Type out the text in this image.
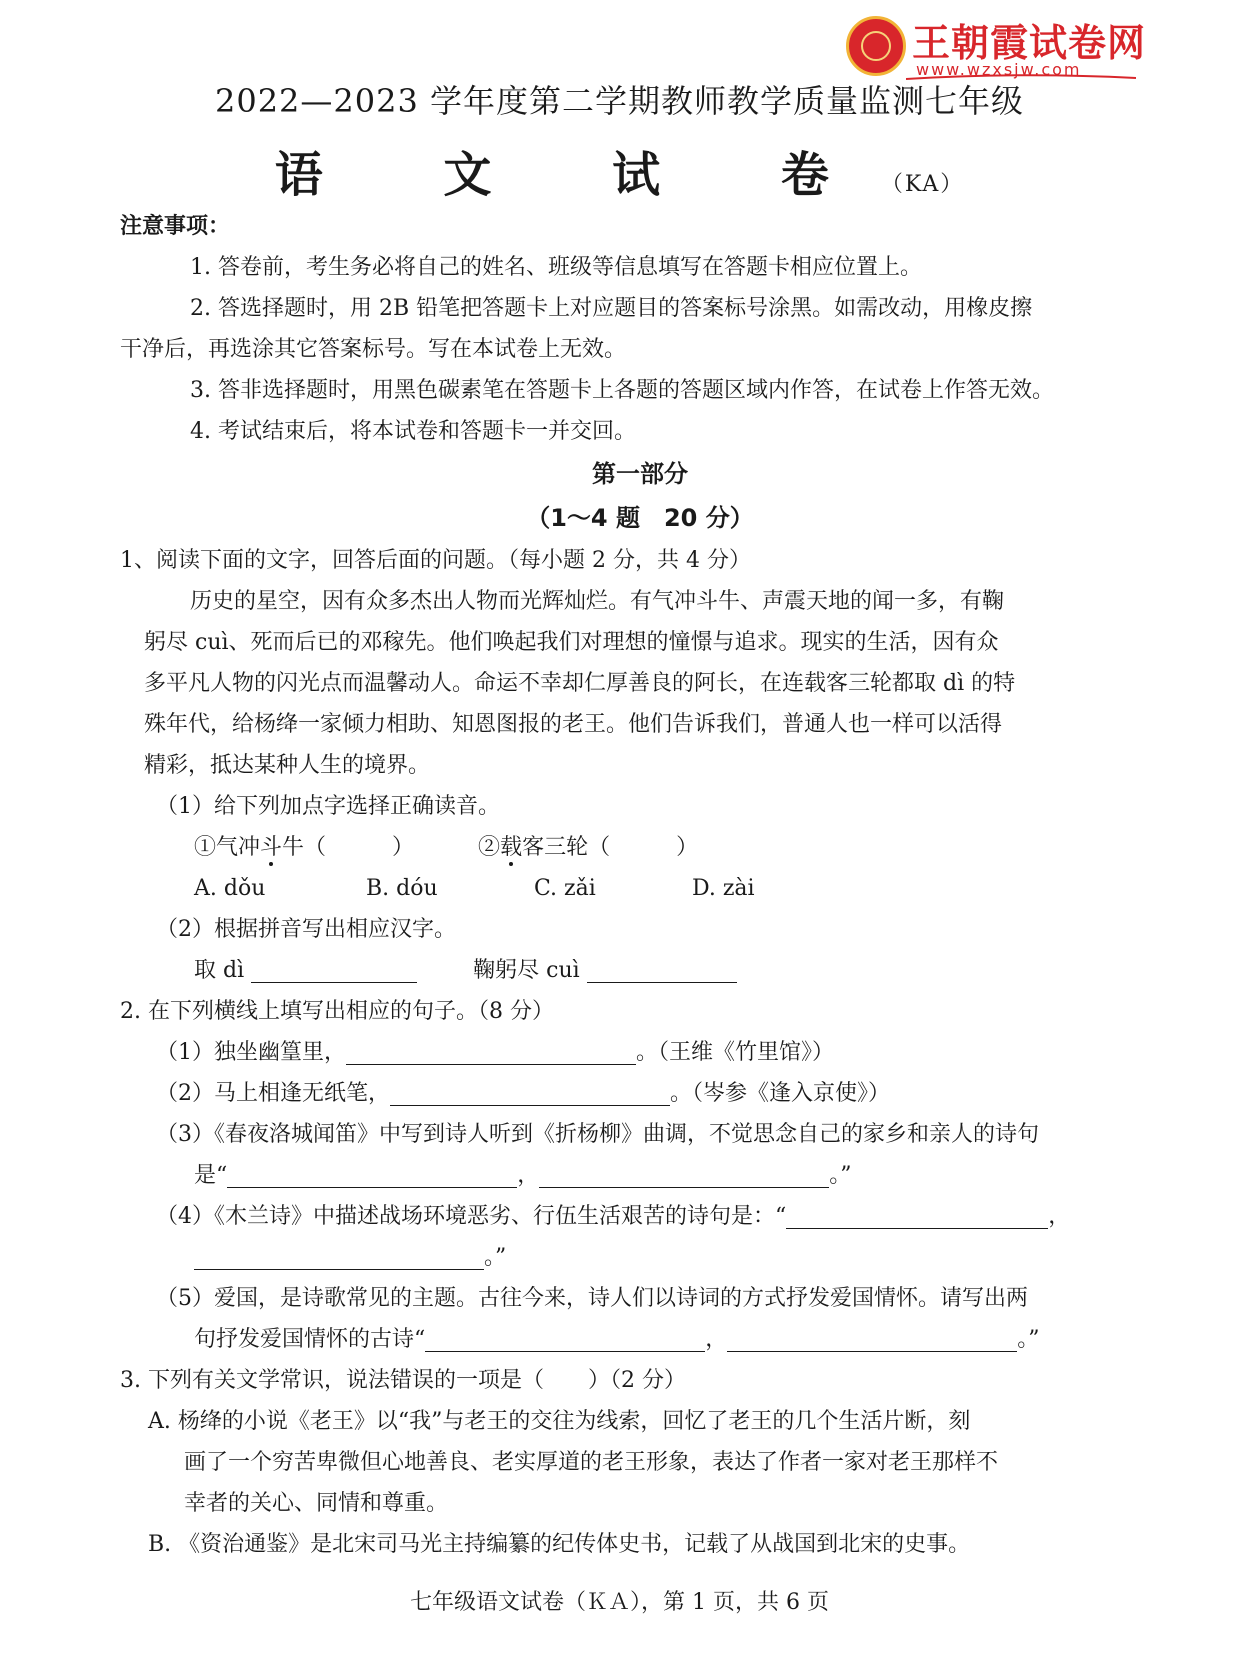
王朝霞试卷网
www.wzxsjw.com
2022—2023 学年度第二学期教师教学质量监测七年级
语 文 试 卷（KA）
注意事项：
1. 答卷前，考生务必将自己的姓名、班级等信息填写在答题卡相应位置上。
2. 答选择题时，用 2B 铅笔把答题卡上对应题目的答案标号涂黑。如需改动，用橡皮擦
干净后，再选涂其它答案标号。写在本试卷上无效。
3. 答非选择题时，用黑色碳素笔在答题卡上各题的答题区域内作答，在试卷上作答无效。
4. 考试结束后，将本试卷和答题卡一并交回。
第一部分
（1～4 题　20 分）
1、阅读下面的文字，回答后面的问题。（每小题 2 分，共 4 分）
历史的星空，因有众多杰出人物而光辉灿烂。有气冲斗牛、声震天地的闻一多，有鞠
躬尽 cuì、死而后已的邓稼先。他们唤起我们对理想的憧憬与追求。现实的生活，因有众
多平凡人物的闪光点而温馨动人。命运不幸却仁厚善良的阿长，在连载客三轮都取 dì 的特
殊年代，给杨绛一家倾力相助、知恩图报的老王。他们告诉我们，普通人也一样可以活得
精彩，抵达某种人生的境界。
（1）给下列加点字选择正确读音。
①气冲斗牛（　　　）	②载客三轮（　　　）
A. dǒu	B. dóu	C. zǎi	D. zài
（2）根据拼音写出相应汉字。
取 dì	鞠躬尽 cuì
2. 在下列横线上填写出相应的句子。（8 分）
（1）独坐幽篁里，	。（王维《竹里馆》）
（2）马上相逢无纸笔，	。（岑参《逢入京使》）
（3）《春夜洛城闻笛》中写到诗人听到《折杨柳》曲调，不觉思念自己的家乡和亲人的诗句
是“	，	。”
（4）《木兰诗》中描述战场环境恶劣、行伍生活艰苦的诗句是：“	，
。”
（5）爱国，是诗歌常见的主题。古往今来，诗人们以诗词的方式抒发爱国情怀。请写出两
句抒发爱国情怀的古诗“	，	。”
3. 下列有关文学常识，说法错误的一项是（　　）（2 分）
A. 杨绛的小说《老王》以“我”与老王的交往为线索，回忆了老王的几个生活片断，刻
画了一个穷苦卑微但心地善良、老实厚道的老王形象，表达了作者一家对老王那样不
幸者的关心、同情和尊重。
B. 《资治通鉴》是北宋司马光主持编纂的纪传体史书，记载了从战国到北宋的史事。
七年级语文试卷（ＫＡ），第 1 页，共 6 页
